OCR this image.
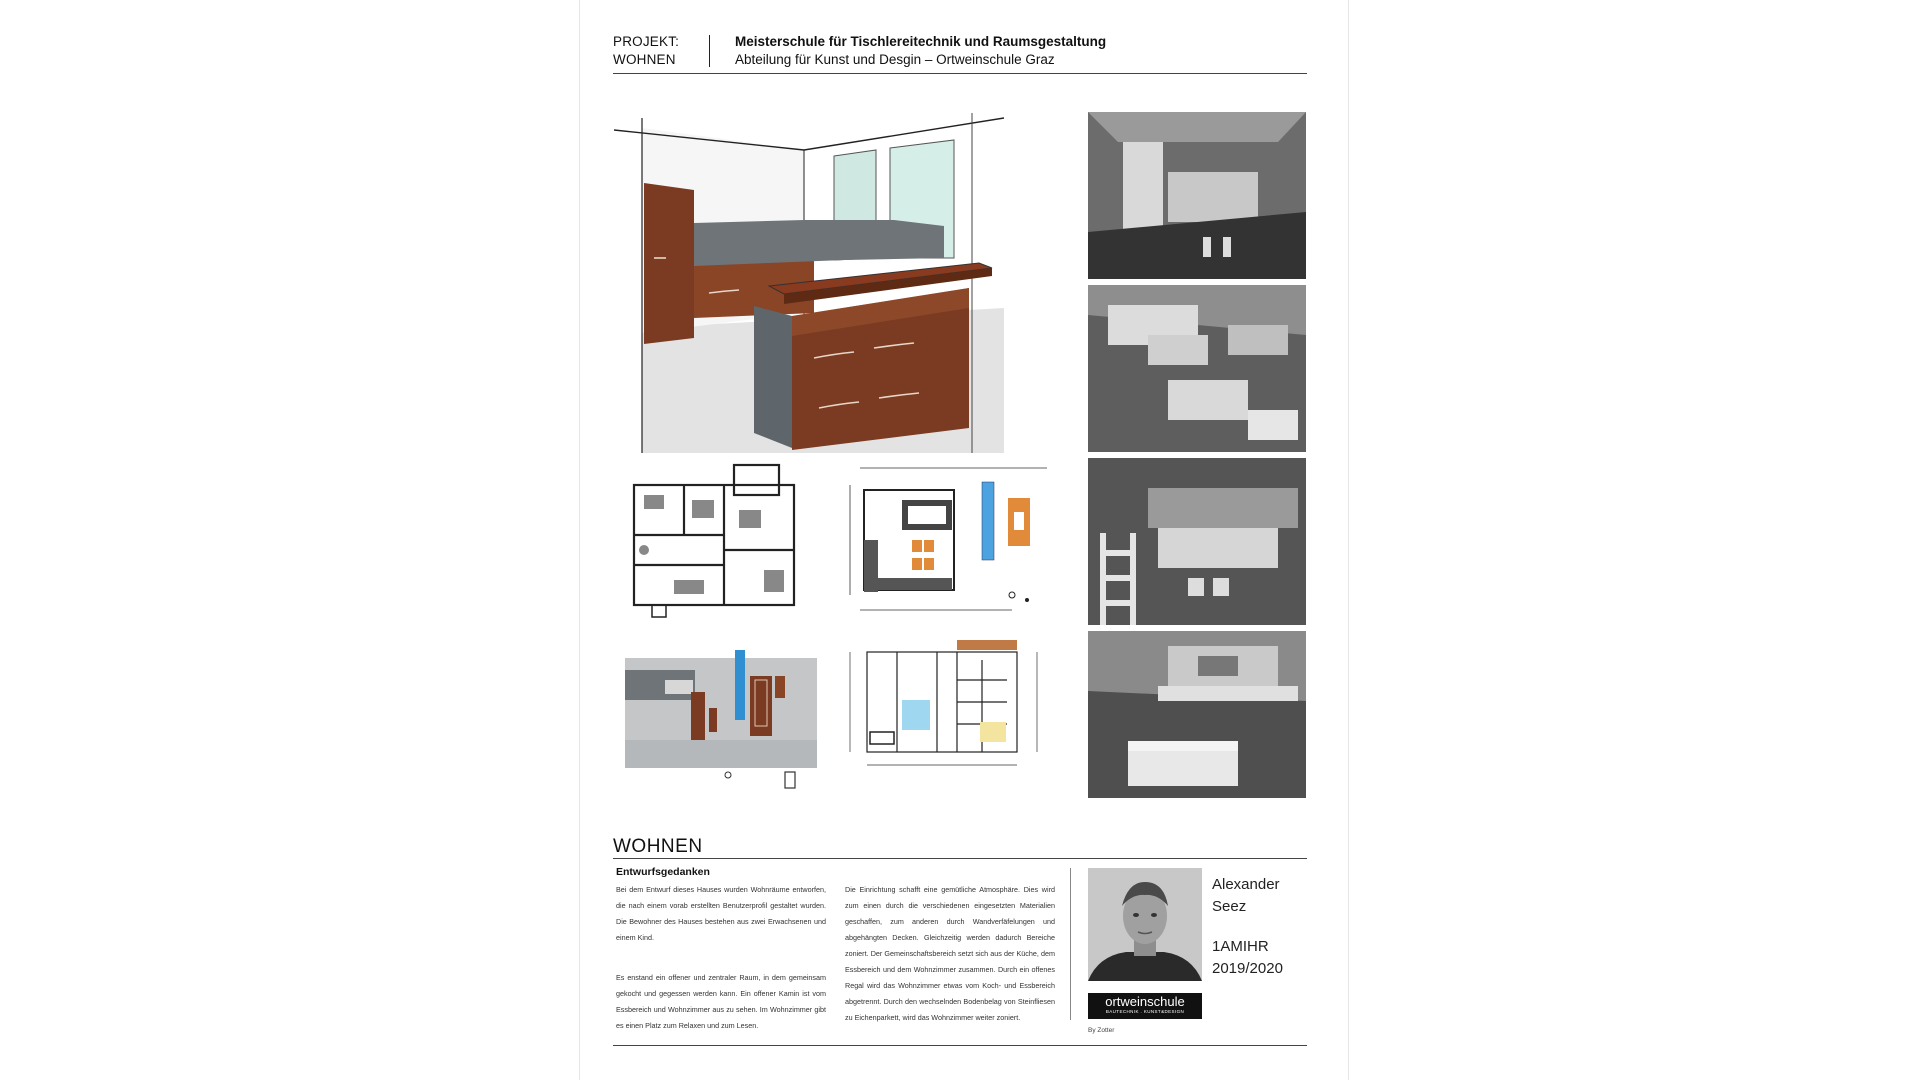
PROJEKT:
WOHNEN
Meisterschule für Tischlereitechnik und Raumsgestaltung
Abteilung für Kunst und Desgin – Ortweinschule Graz
WOHNEN
Entwurfsgedanken

Bei dem Entwurf dieses Hauses wurden Wohnräume entworfen, die nach einem vorab erstellten Benutzerprofil gestaltet wurden. Die Bewohner des Hauses bestehen aus zwei Erwachsenen und einem Kind.

Es enstand ein offener und zentraler Raum, in dem gemeinsam gekocht und gegessen werden kann. Ein offener Kamin ist vom Essbereich und Wohnzimmer aus zu sehen. Im Wohnzimmer gibt es einen Platz zum Relaxen und zum Lesen.

Die Einrichtung schafft eine gemütliche Atmosphäre. Dies wird zum einen durch die verschiedenen eingesetzten Materialien geschaffen, zum anderen durch Wandverfäfelungen und abgehängten Decken. Gleichzeitig werden dadurch Bereiche zoniert. Der Gemeinschaftsbereich setzt sich aus der Küche, dem Essbereich und dem Wohnzimmer zusammen. Durch ein offenes Regal wird das Wohnzimmer etwas vom Koch- und Essbereich abgetrennt. Durch den wechselnden Bodenbelag von Steinfliesen zu Eichenparkett, wird das Wohnzimmer weiter zoniert.

Alexander
Seez
1AMIHR
2019/2020
ortweinschule
BAUTECHNIK . KUNST&DESIGN
By Zotter
